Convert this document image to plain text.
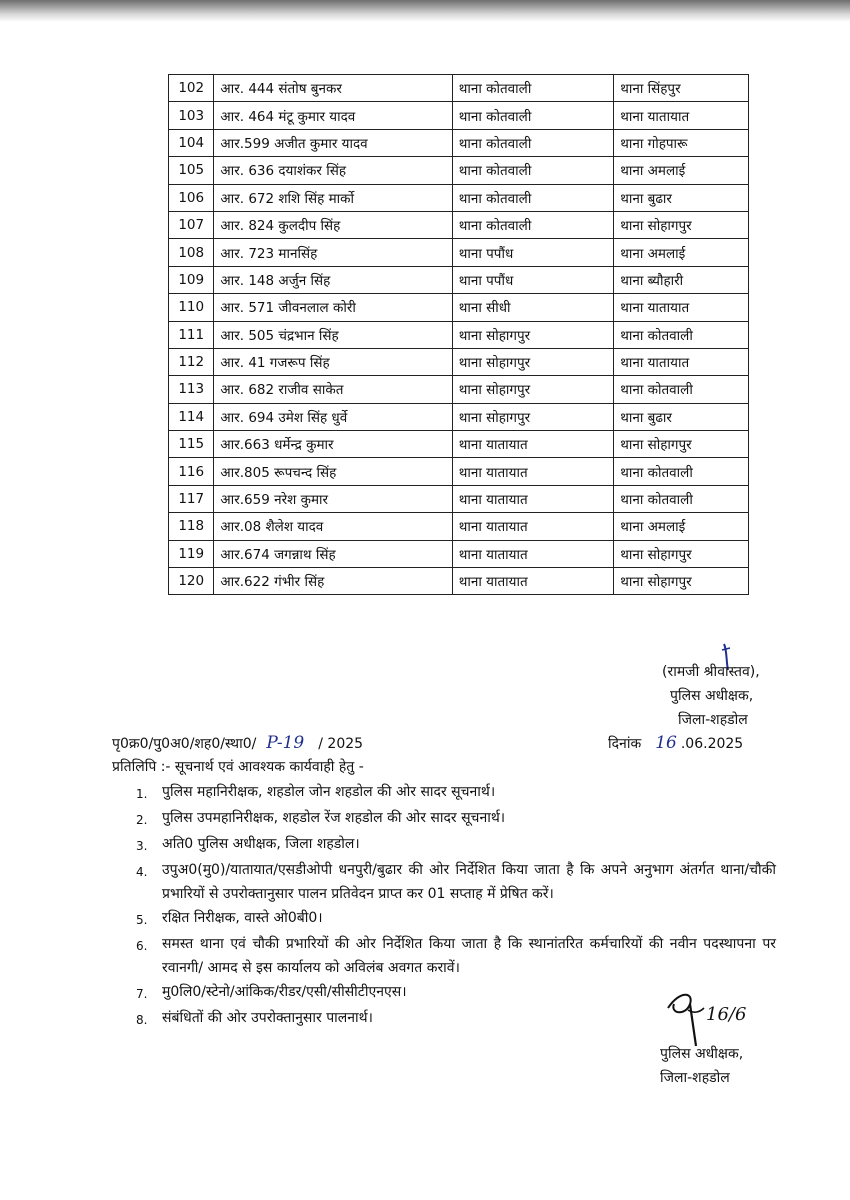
102	आर. 444 संतोष बुनकर	थाना कोतवाली	थाना सिंहपुर
103	आर. 464 मंटू कुमार यादव	थाना कोतवाली	थाना यातायात
104	आर.599 अजीत कुमार यादव	थाना कोतवाली	थाना गोहपारू
105	आर. 636 दयाशंकर सिंह	थाना कोतवाली	थाना अमलाई
106	आर. 672 शशि सिंह मार्को	थाना कोतवाली	थाना बुढार
107	आर. 824 कुलदीप सिंह	थाना कोतवाली	थाना सोहागपुर
108	आर. 723 मानसिंह	थाना पपौंध	थाना अमलाई
109	आर. 148 अर्जुन सिंह	थाना पपौंध	थाना ब्यौहारी
110	आर. 571 जीवनलाल कोरी	थाना सीधी	थाना यातायात
111	आर. 505 चंद्रभान सिंह	थाना सोहागपुर	थाना कोतवाली
112	आर. 41 गजरूप सिंह	थाना सोहागपुर	थाना यातायात
113	आर. 682 राजीव साकेत	थाना सोहागपुर	थाना कोतवाली
114	आर. 694 उमेश सिंह धुर्वे	थाना सोहागपुर	थाना बुढार
115	आर.663 धर्मेन्द्र कुमार	थाना यातायात	थाना सोहागपुर
116	आर.805 रूपचन्द सिंह	थाना यातायात	थाना कोतवाली
117	आर.659 नरेश कुमार	थाना यातायात	थाना कोतवाली
118	आर.08 शैलेश यादव	थाना यातायात	थाना अमलाई
119	आर.674 जगन्नाथ सिंह	थाना यातायात	थाना सोहागपुर
120	आर.622 गंभीर सिंह	थाना यातायात	थाना सोहागपुर
(रामजी श्रीवास्तव),
पुलिस अधीक्षक,
जिला-शहडोल
पृ0क्र0/पु0अ0/शह0/स्था0/ P-19 / 2025	दिनांक 16 .06.2025
प्रतिलिपि :- सूचनार्थ एवं आवश्यक कार्यवाही हेतु -
1.	पुलिस महानिरीक्षक, शहडोल जोन शहडोल की ओर सादर सूचनार्थ।
2.	पुलिस उपमहानिरीक्षक, शहडोल रेंज शहडोल की ओर सादर सूचनार्थ।
3.	अति0 पुलिस अधीक्षक, जिला शहडोल।
4.	उपुअ0(मु0)/यातायात/एसडीओपी धनपुरी/बुढार की ओर निर्देशित किया जाता है कि अपने अनुभाग अंतर्गत थाना/चौकी प्रभारियों से उपरोक्तानुसार पालन प्रतिवेदन प्राप्त कर 01 सप्ताह में प्रेषित करें।
5.	रक्षित निरीक्षक, वास्ते ओ0बी0।
6.	समस्त थाना एवं चौकी प्रभारियों की ओर निर्देशित किया जाता है कि स्थानांतरित कर्मचारियों की नवीन पदस्थापना पर रवानगी/ आमद से इस कार्यालय को अविलंब अवगत करावें।
7.	मु0लि0/स्टेनो/आंकिक/रीडर/एसी/सीसीटीएनएस।
8.	संबंधितों की ओर उपरोक्तानुसार पालनार्थ।	16/6
पुलिस अधीक्षक,
जिला-शहडोल
